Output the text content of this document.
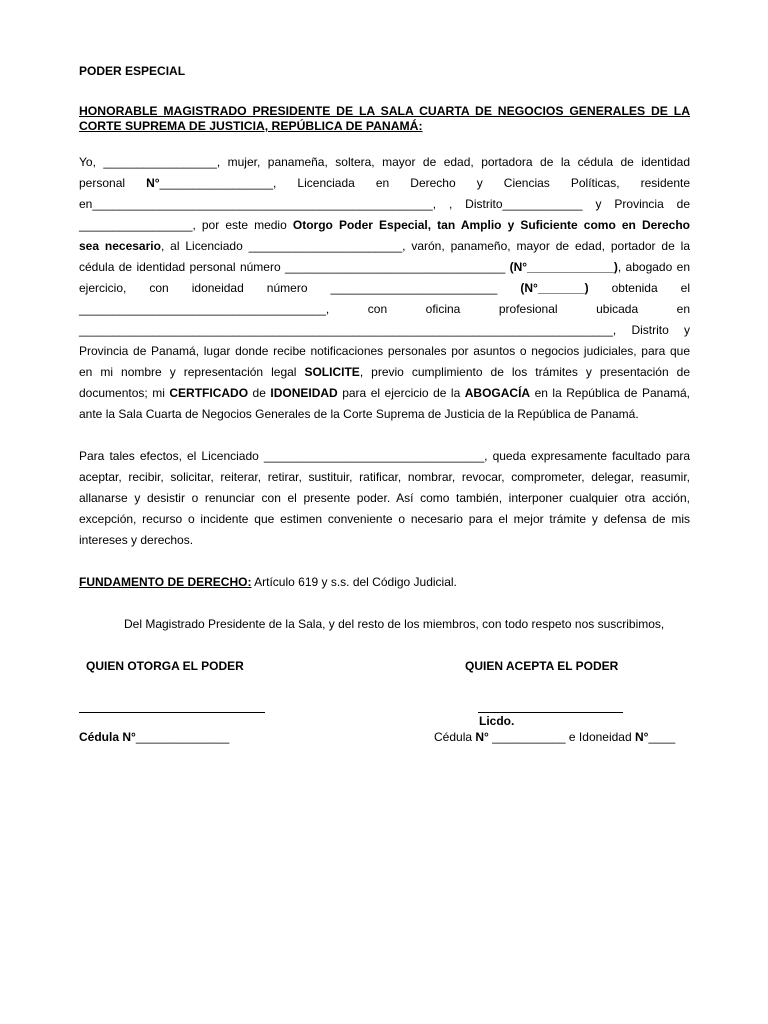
PODER ESPECIAL
HONORABLE MAGISTRADO PRESIDENTE DE LA SALA CUARTA DE NEGOCIOS GENERALES DE LA CORTE SUPREMA DE JUSTICIA, REPÚBLICA DE PANAMÁ:
Yo, _________________, mujer, panameña, soltera, mayor de edad, portadora de la cédula de identidad
personal N°_________________, Licenciada en Derecho y Ciencias Políticas, residente
en___________________________________________________, , Distrito____________ y Provincia de
_________________, por este medio Otorgo Poder Especial, tan Amplio y Suficiente como en Derecho
sea necesario, al Licenciado _______________________, varón, panameño, mayor de edad, portador de la
cédula de identidad personal número _________________________________ (N°_____________), abogado en
ejercicio, con idoneidad número _________________________ (N°_______) obtenida el
_____________________________________, con oficina profesional ubicada en
________________________________________________________________________________, Distrito y
Provincia de Panamá, lugar donde recibe notificaciones personales por asuntos o negocios judiciales, para que
en mi nombre y representación legal SOLICITE, previo cumplimiento de los trámites y presentación de
documentos; mi CERTFICADO de IDONEIDAD para el ejercicio de la ABOGACÍA en la República de Panamá,
ante la Sala Cuarta de Negocios Generales de la Corte Suprema de Justicia de la República de Panamá.
Para tales efectos, el Licenciado _________________________________, queda expresamente facultado para
aceptar, recibir, solicitar, reiterar, retirar, sustituir, ratificar, nombrar, revocar, comprometer, delegar, reasumir,
allanarse y desistir o renunciar con el presente poder. Así como también, interponer cualquier otra acción,
excepción, recurso o incidente que estimen conveniente o necesario para el mejor trámite y defensa de mis
intereses y derechos.
FUNDAMENTO DE DERECHO: Artículo 619 y s.s. del Código Judicial.
Del Magistrado Presidente de la Sala, y del resto de los miembros, con todo respeto nos suscribimos,
QUIEN OTORGA EL PODER	QUIEN ACEPTA EL PODER
Licdo.
Cédula N°______________	Cédula N° ___________ e Idoneidad N°____
